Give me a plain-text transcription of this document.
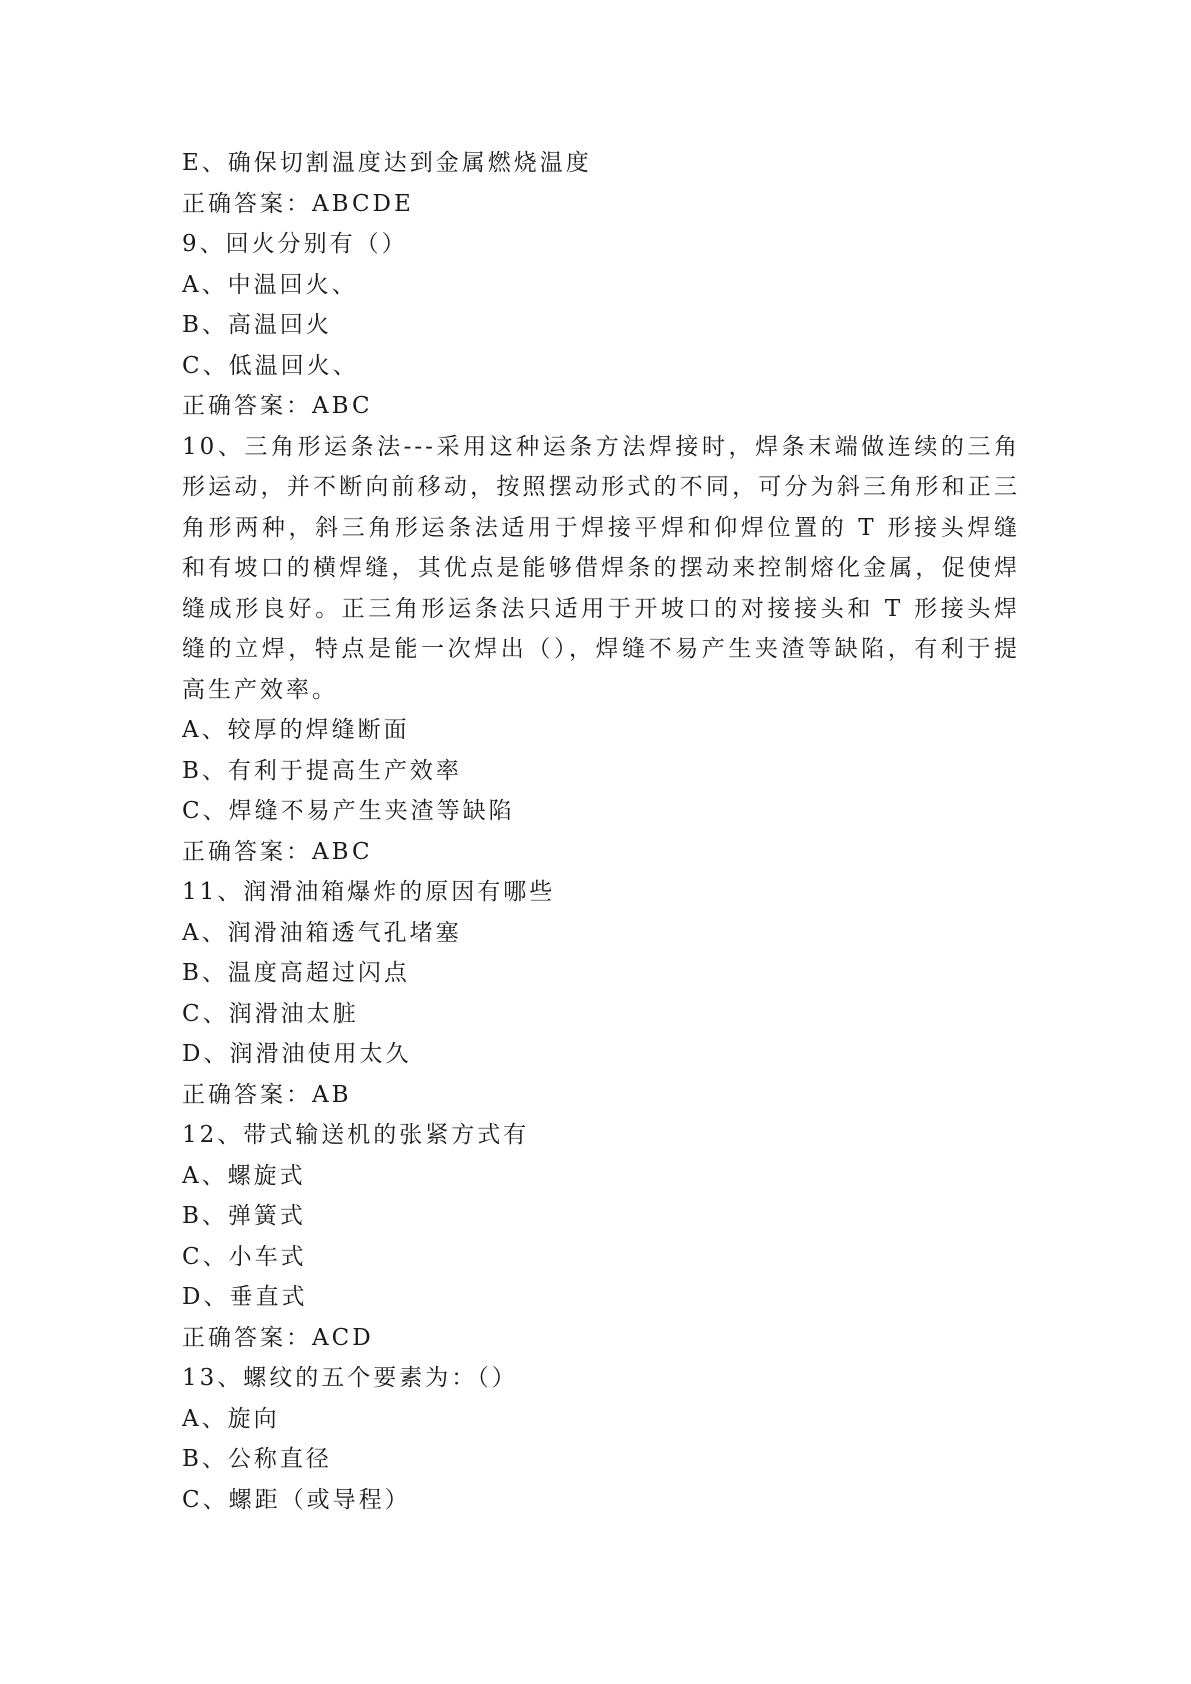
E、确保切割温度达到金属燃烧温度
正确答案：ABCDE
9、回火分别有（）
A、中温回火、
B、高温回火
C、低温回火、
正确答案：ABC
10、三角形运条法---采用这种运条方法焊接时，焊条末端做连续的三角形运动，并不断向前移动，按照摆动形式的不同，可分为斜三角形和正三角形两种，斜三角形运条法适用于焊接平焊和仰焊位置的 T 形接头焊缝和有坡口的横焊缝，其优点是能够借焊条的摆动来控制熔化金属，促使焊缝成形良好。正三角形运条法只适用于开坡口的对接接头和 T 形接头焊缝的立焊，特点是能一次焊出（），焊缝不易产生夹渣等缺陷，有利于提高生产效率。
A、较厚的焊缝断面
B、有利于提高生产效率
C、焊缝不易产生夹渣等缺陷
正确答案：ABC
11、润滑油箱爆炸的原因有哪些
A、润滑油箱透气孔堵塞
B、温度高超过闪点
C、润滑油太脏
D、润滑油使用太久
正确答案：AB
12、带式输送机的张紧方式有
A、螺旋式
B、弹簧式
C、小车式
D、垂直式
正确答案：ACD
13、螺纹的五个要素为：（）
A、旋向
B、公称直径
C、螺距（或导程）
